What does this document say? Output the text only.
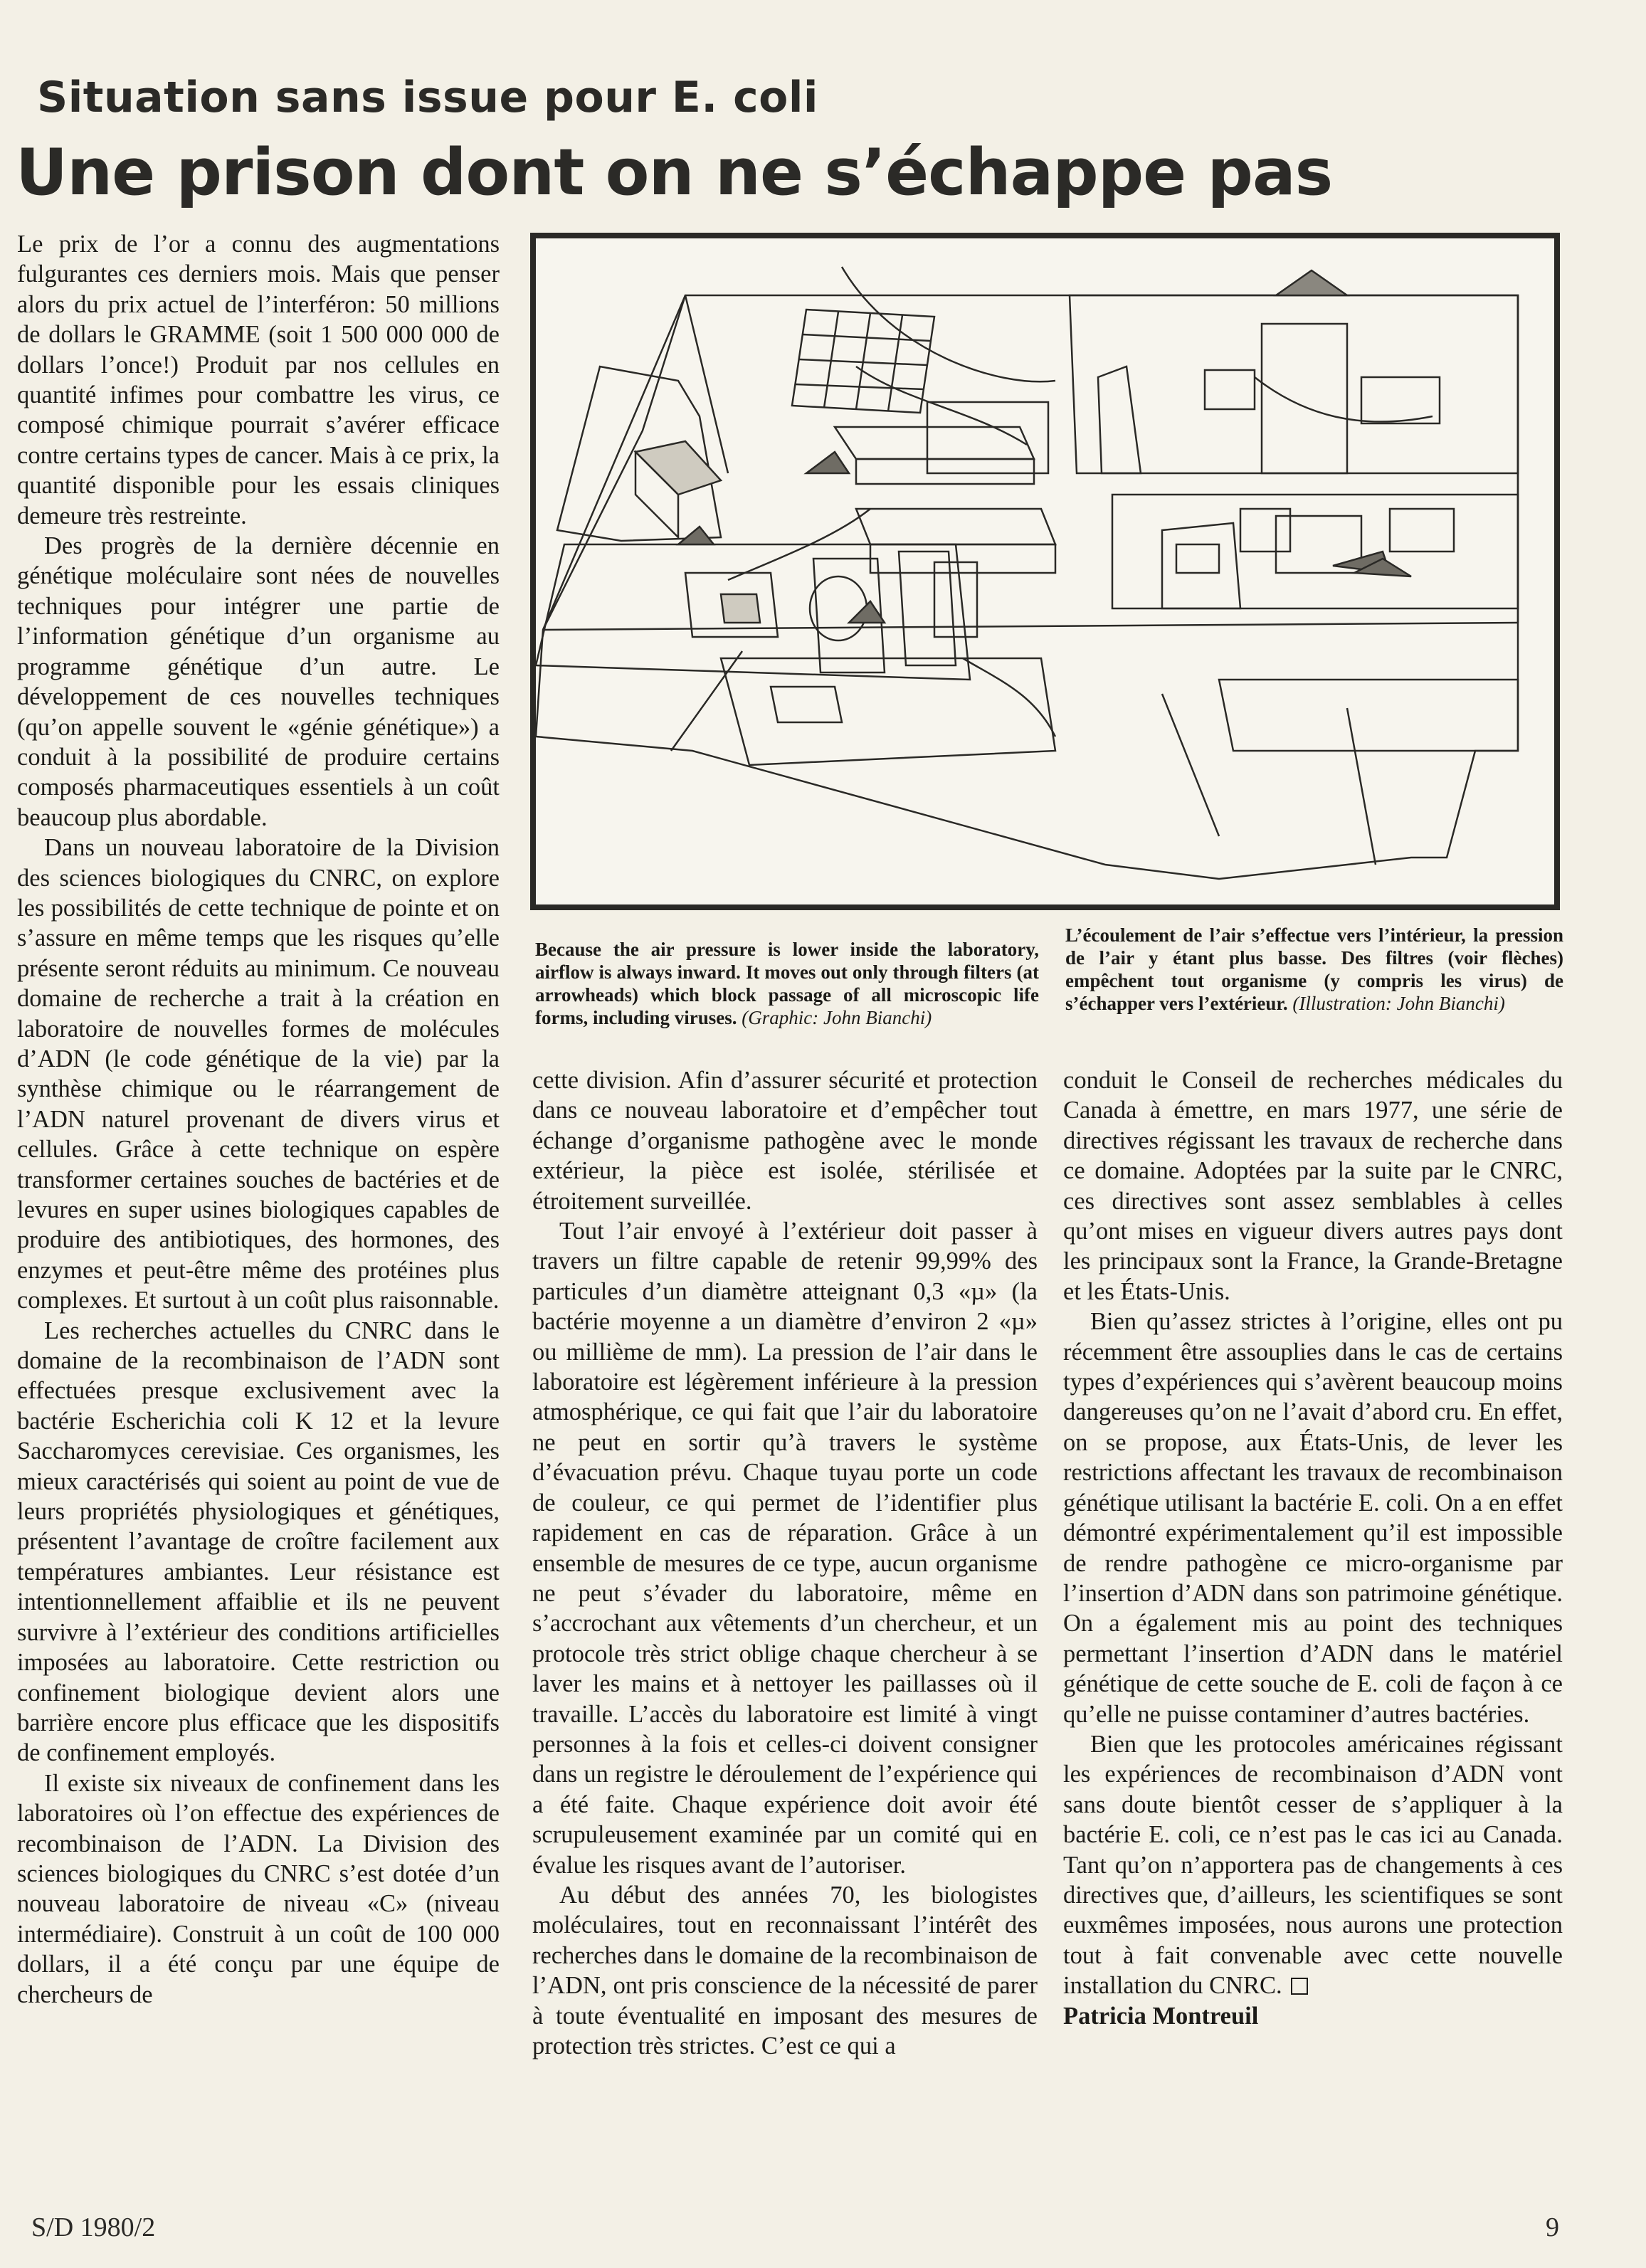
Situation sans issue pour E. coli
Une prison dont on ne s’échappe pas

Le prix de l’or a connu des augmentations fulgurantes ces derniers mois. Mais que penser alors du prix actuel de l’interféron: 50 millions de dollars le GRAMME (soit 1 500 000 000 de dollars l’once!) Produit par nos cellules en quantité infimes pour combattre les virus, ce composé chimique pourrait s’avérer efficace contre certains types de cancer. Mais à ce prix, la quantité disponible pour les essais cliniques demeure très restreinte.

Des progrès de la dernière décennie en génétique moléculaire sont nées de nouvelles techniques pour intégrer une partie de l’information génétique d’un organisme au programme génétique d’un autre. Le développement de ces nouvelles techniques (qu’on appelle souvent le «génie génétique») a conduit à la possibilité de produire certains composés pharmaceutiques essentiels à un coût beaucoup plus abordable.

Dans un nouveau laboratoire de la Division des sciences biologiques du CNRC, on explore les possibilités de cette technique de pointe et on s’assure en même temps que les risques qu’elle présente seront réduits au minimum. Ce nouveau domaine de recherche a trait à la création en laboratoire de nouvelles formes de molécules d’ADN (le code génétique de la vie) par la synthèse chimique ou le réarrangement de l’ADN naturel provenant de divers virus et cellules. Grâce à cette technique on espère transformer certaines souches de bactéries et de levures en super usines biologiques capables de produire des antibiotiques, des hormones, des enzymes et peut-être même des protéines plus complexes. Et surtout à un coût plus raisonnable.

Les recherches actuelles du CNRC dans le domaine de la recombinaison de l’ADN sont effectuées presque exclusivement avec la bactérie Escherichia coli K 12 et la levure Saccharomyces cerevisiae. Ces organismes, les mieux caractérisés qui soient au point de vue de leurs propriétés physiologiques et génétiques, présentent l’avantage de croître facilement aux températures ambiantes. Leur résistance est intentionnellement affaiblie et ils ne peuvent survivre à l’extérieur des conditions artificielles imposées au laboratoire. Cette restriction ou confinement biologique devient alors une barrière encore plus efficace que les dispositifs de confinement employés.

Il existe six niveaux de confinement dans les laboratoires où l’on effectue des expériences de recombinaison de l’ADN. La Division des sciences biologiques du CNRC s’est dotée d’un nouveau laboratoire de niveau «C» (niveau intermédiaire). Construit à un coût de 100 000 dollars, il a été conçu par une équipe de chercheurs de

Because the air pressure is lower inside the laboratory, airflow is always inward. It moves out only through filters (at arrowheads) which block passage of all microscopic life forms, including viruses. (Graphic: John Bianchi)
L’écoulement de l’air s’effectue vers l’intérieur, la pression de l’air y étant plus basse. Des filtres (voir flèches) empêchent tout organisme (y compris les virus) de s’échapper vers l’extérieur. (Illustration: John Bianchi)

cette division. Afin d’assurer sécurité et protection dans ce nouveau laboratoire et d’empêcher tout échange d’organisme pathogène avec le monde extérieur, la pièce est isolée, stérilisée et étroitement surveillée.

Tout l’air envoyé à l’extérieur doit passer à travers un filtre capable de retenir 99,99% des particules d’un diamètre atteignant 0,3 «µ» (la bactérie moyenne a un diamètre d’environ 2 «µ» ou millième de mm). La pression de l’air dans le laboratoire est légèrement inférieure à la pression atmosphérique, ce qui fait que l’air du laboratoire ne peut en sortir qu’à travers le système d’évacuation prévu. Chaque tuyau porte un code de couleur, ce qui permet de l’identifier plus rapidement en cas de réparation. Grâce à un ensemble de mesures de ce type, aucun organisme ne peut s’évader du laboratoire, même en s’accrochant aux vêtements d’un chercheur, et un protocole très strict oblige chaque chercheur à se laver les mains et à nettoyer les paillasses où il travaille. L’accès du laboratoire est limité à vingt personnes à la fois et celles-ci doivent consigner dans un registre le déroulement de l’expérience qui a été faite. Chaque expérience doit avoir été scrupuleusement examinée par un comité qui en évalue les risques avant de l’autoriser.

Au début des années 70, les biologistes moléculaires, tout en reconnaissant l’intérêt des recherches dans le domaine de la recombinaison de l’ADN, ont pris conscience de la nécessité de parer à toute éventualité en imposant des mesures de protection très strictes. C’est ce qui a

conduit le Conseil de recherches médicales du Canada à émettre, en mars 1977, une série de directives régissant les travaux de recherche dans ce domaine. Adoptées par la suite par le CNRC, ces directives sont assez semblables à celles qu’ont mises en vigueur divers autres pays dont les principaux sont la France, la Grande-Bretagne et les États-Unis.

Bien qu’assez strictes à l’origine, elles ont pu récemment être assouplies dans le cas de certains types d’expériences qui s’avèrent beaucoup moins dangereuses qu’on ne l’avait d’abord cru. En effet, on se propose, aux États-Unis, de lever les restrictions affectant les travaux de recombinaison génétique utilisant la bactérie E. coli. On a en effet démontré expérimentalement qu’il est impossible de rendre pathogène ce micro-organisme par l’insertion d’ADN dans son patrimoine génétique. On a également mis au point des techniques permettant l’insertion d’ADN dans le matériel génétique de cette souche de E. coli de façon à ce qu’elle ne puisse contaminer d’autres bactéries.

Bien que les protocoles américaines régissant les expériences de recombinaison d’ADN vont sans doute bientôt cesser de s’appliquer à la bactérie E. coli, ce n’est pas le cas ici au Canada. Tant qu’on n’apportera pas de changements à ces directives que, d’ailleurs, les scientifiques se sont euxmêmes imposées, nous aurons une protection tout à fait convenable avec cette nouvelle installation du CNRC.

Patricia Montreuil
S/D 1980/2	9
